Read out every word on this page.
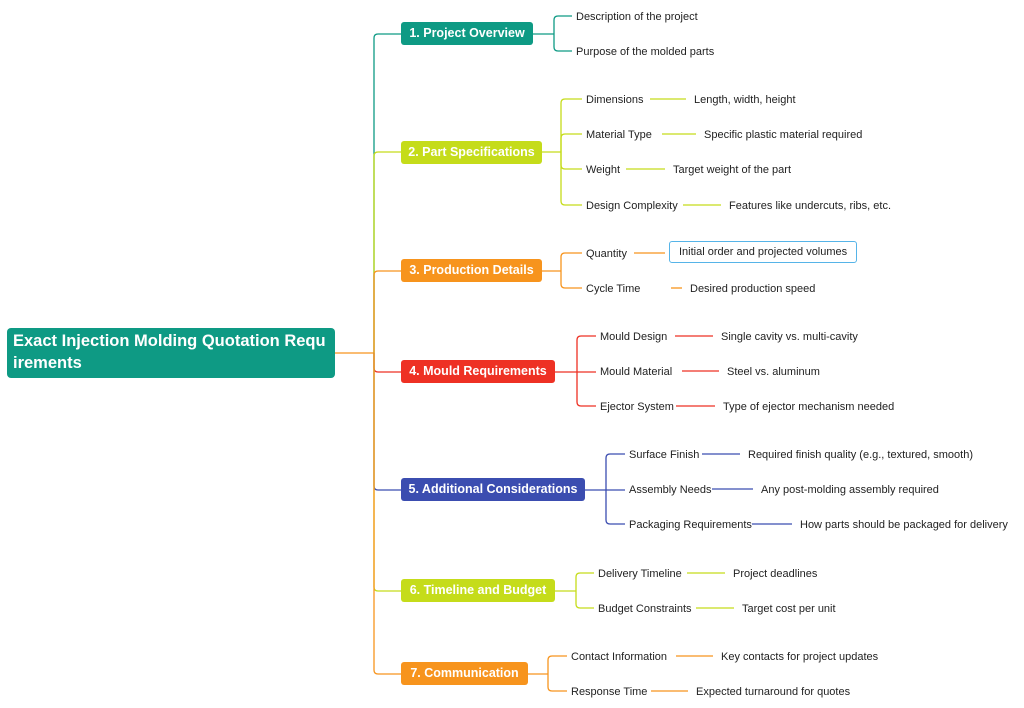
Exact Injection Molding Quotation Requirements
1. Project Overview
Description of the project
Purpose of the molded parts
2. Part Specifications
Dimensions	Length, width, height
Material Type	Specific plastic material required
Weight	Target weight of the part
Design Complexity	Features like undercuts, ribs, etc.
3. Production Details
Quantity	Initial order and projected volumes
Cycle Time	Desired production speed
4. Mould Requirements
Mould Design	Single cavity vs. multi-cavity
Mould Material	Steel vs. aluminum
Ejector System	Type of ejector mechanism needed
5. Additional Considerations
Surface Finish	Required finish quality (e.g., textured, smooth)
Assembly Needs	Any post-molding assembly required
Packaging Requirements	How parts should be packaged for delivery
6. Timeline and Budget
Delivery Timeline	Project deadlines
Budget Constraints	Target cost per unit
7. Communication
Contact Information	Key contacts for project updates
Response Time	Expected turnaround for quotes
